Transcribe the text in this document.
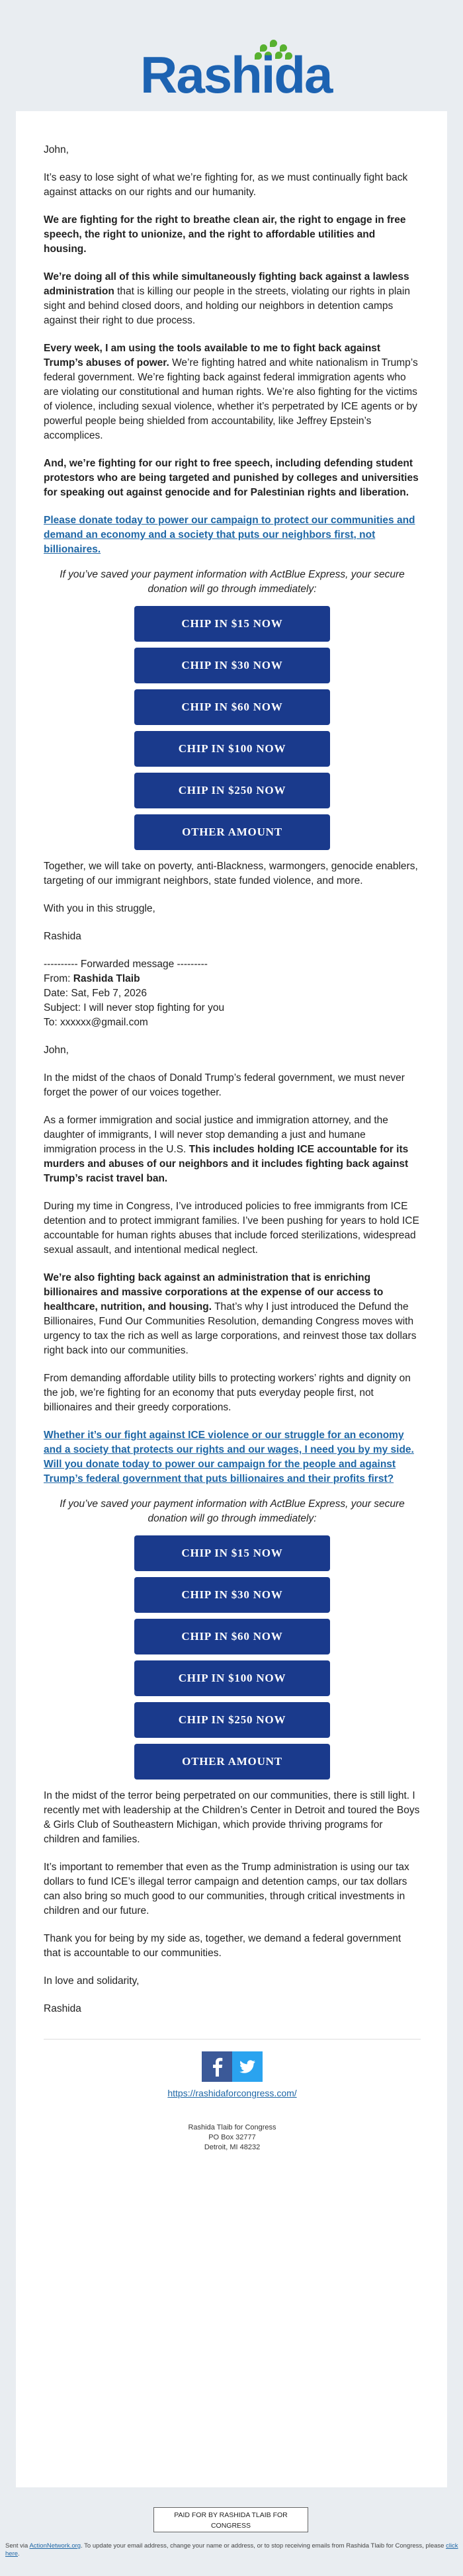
Rashida

John,

It’s easy to lose sight of what we’re fighting for, as we must continually fight back against attacks on our rights and our humanity.

We are fighting for the right to breathe clean air, the right to engage in free speech, the right to unionize, and the right to affordable utilities and housing.

We’re doing all of this while simultaneously fighting back against a lawless administration that is killing our people in the streets, violating our rights in plain sight and behind closed doors, and holding our neighbors in detention camps against their right to due process.

Every week, I am using the tools available to me to fight back against Trump’s abuses of power. We’re fighting hatred and white nationalism in Trump’s federal government. We’re fighting back against federal immigration agents who are violating our constitutional and human rights. We’re also fighting for the victims of violence, including sexual violence, whether it’s perpetrated by ICE agents or by powerful people being shielded from accountability, like Jeffrey Epstein’s accomplices.

And, we’re fighting for our right to free speech, including defending student protestors who are being targeted and punished by colleges and universities for speaking out against genocide and for Palestinian rights and liberation.

Please donate today to power our campaign to protect our communities and demand an economy and a society that puts our neighbors first, not billionaires.
If you’ve saved your payment information with ActBlue Express, your secure donation will go through immediately:
CHIP IN $15 NOW
CHIP IN $30 NOW
CHIP IN $60 NOW
CHIP IN $100 NOW
CHIP IN $250 NOW
OTHER AMOUNT

Together, we will take on poverty, anti-Blackness, warmongers, genocide enablers, targeting of our immigrant neighbors, state funded violence, and more.

With you in this struggle,

Rashida

---------- Forwarded message ---------
From: Rashida Tlaib
Date: Sat, Feb 7, 2026
Subject: I will never stop fighting for you
To: xxxxxx@gmail.com

John,

In the midst of the chaos of Donald Trump’s federal government, we must never forget the power of our voices together.

As a former immigration and social justice and immigration attorney, and the daughter of immigrants, I will never stop demanding a just and humane immigration process in the U.S. This includes holding ICE accountable for its murders and abuses of our neighbors and it includes fighting back against Trump’s racist travel ban.

During my time in Congress, I’ve introduced policies to free immigrants from ICE detention and to protect immigrant families. I’ve been pushing for years to hold ICE accountable for human rights abuses that include forced sterilizations, widespread sexual assault, and intentional medical neglect.

We’re also fighting back against an administration that is enriching billionaires and massive corporations at the expense of our access to healthcare, nutrition, and housing. That’s why I just introduced the Defund the Billionaires, Fund Our Communities Resolution, demanding Congress moves with urgency to tax the rich as well as large corporations, and reinvest those tax dollars right back into our communities.

From demanding affordable utility bills to protecting workers’ rights and dignity on the job, we’re fighting for an economy that puts everyday people first, not billionaires and their greedy corporations.

Whether it’s our fight against ICE violence or our struggle for an economy and a society that protects our rights and our wages, I need you by my side. Will you donate today to power our campaign for the people and against Trump’s federal government that puts billionaires and their profits first?
If you’ve saved your payment information with ActBlue Express, your secure donation will go through immediately:
CHIP IN $15 NOW
CHIP IN $30 NOW
CHIP IN $60 NOW
CHIP IN $100 NOW
CHIP IN $250 NOW
OTHER AMOUNT

In the midst of the terror being perpetrated on our communities, there is still light. I recently met with leadership at the Children’s Center in Detroit and toured the Boys & Girls Club of Southeastern Michigan, which provide thriving programs for children and families.

It’s important to remember that even as the Trump administration is using our tax dollars to fund ICE’s illegal terror campaign and detention camps, our tax dollars can also bring so much good to our communities, through critical investments in children and our future.

Thank you for being by my side as, together, we demand a federal government that is accountable to our communities.

In love and solidarity,

Rashida

https://rashidaforcongress.com/
Rashida Tlaib for Congress
PO Box 32777
Detroit, MI 48232
PAID FOR BY RASHIDA TLAIB FOR CONGRESS
Sent via ActionNetwork.org. To update your email address, change your name or address, or to stop receiving emails from Rashida Tlaib for Congress, please click here.
